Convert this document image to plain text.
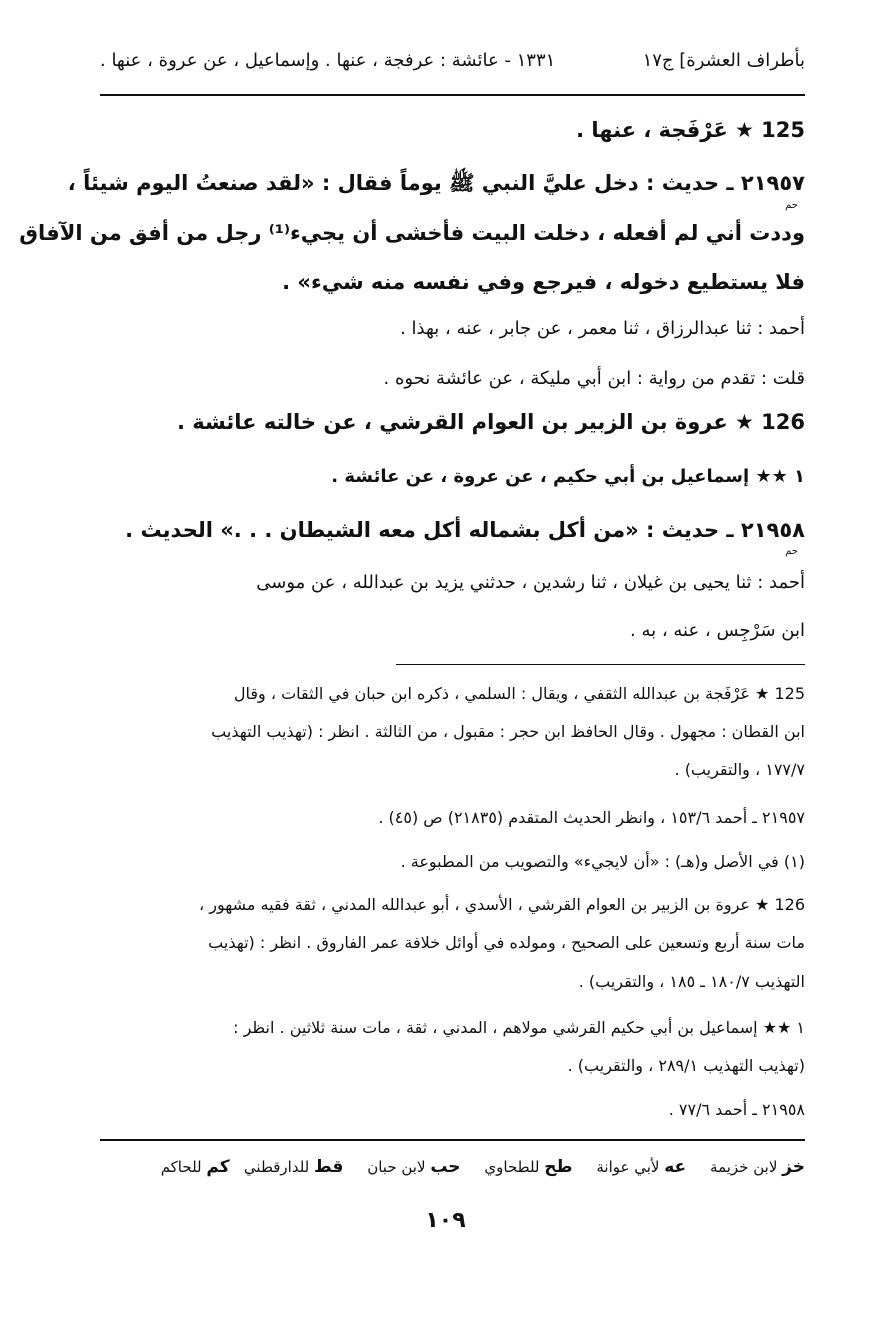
بأطراف العشرة] ج١٧
١٣٣١ - عائشة : عرفجة ، عنها . وإسماعيل ، عن عروة ، عنها .
125 ★ عَرْفَجة ، عنها .
٢١٩٥٧ ـ حديث : دخل عليَّ النبي ﷺ يوماً فقال : «لقد صنعتُ اليوم شيئاً ،
حم
وددت أني لم أفعله ، دخلت البيت فأخشى أن يجيء⁽¹⁾ رجل من أفق من الآفاق
فلا يستطيع دخوله ، فيرجع وفي نفسه منه شيء» .
أحمد : ثنا عبدالرزاق ، ثنا معمر ، عن جابر ، عنه ، بهذا .
قلت : تقدم من رواية : ابن أبي مليكة ، عن عائشة نحوه .
126 ★ عروة بن الزبير بن العوام القرشي ، عن خالته عائشة .
١ ★★ إسماعيل بن أبي حكيم ، عن عروة ، عن عائشة .
٢١٩٥٨ ـ حديث : «من أكل بشماله أكل معه الشيطان . . .» الحديث .
حم
أحمد : ثنا يحيى بن غيلان ، ثنا رشدين ، حدثني يزيد بن عبدالله ، عن موسى
ابن سَرْجِس ، عنه ، به .
125 ★ عَرْفَجة بن عبدالله الثقفي ، ويقال : السلمي ، ذكره ابن حبان في الثقات ، وقال
ابن القطان : مجهول . وقال الحافظ ابن حجر : مقبول ، من الثالثة . انظر : (تهذيب التهذيب
١٧٧/٧ ، والتقريب) .
٢١٩٥٧ ـ أحمد ١٥٣/٦ ، وانظر الحديث المتقدم (٢١٨٣٥) ص (٤٥) .
(١) في الأصل و(هـ) : «أن لايجيء» والتصويب من المطبوعة .
126 ★ عروة بن الزبير بن العوام القرشي ، الأسدي ، أبو عبدالله المدني ، ثقة فقيه مشهور ،
مات سنة أربع وتسعين على الصحيح ، ومولده في أوائل خلافة عمر الفاروق . انظر : (تهذيب
التهذيب ١٨٠/٧ ـ ١٨٥ ، والتقريب) .
١ ★★ إسماعيل بن أبي حكيم القرشي مولاهم ، المدني ، ثقة ، مات سنة ثلاثين . انظر :
(تهذيب التهذيب ٢٨٩/١ ، والتقريب) .
٢١٩٥٨ ـ أحمد ٧٧/٦ .
خز لابن خزيمة     عه لأبي عوانة     طح للطحاوي     حب لابن حبان     قط للدارقطني   كم للحاكم
١٠٩
